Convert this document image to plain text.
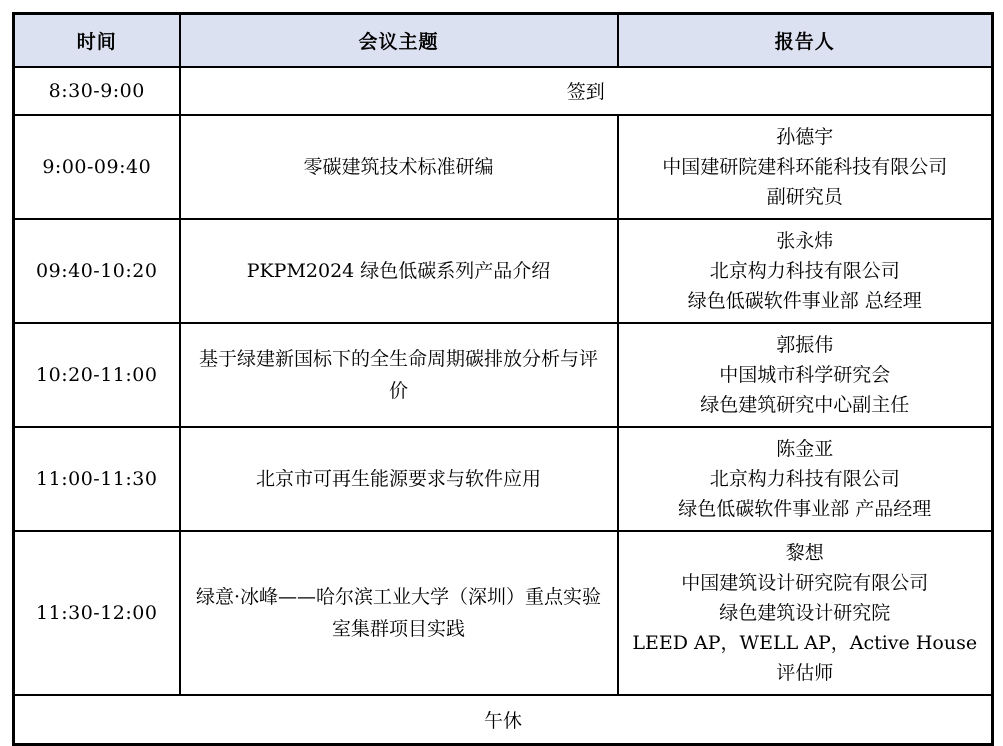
时间	会议主题	报告人
8:30-9:00	签到	
9:00-09:40	零碳建筑技术标准研编	孙德宇
中国建研院建科环能科技有限公司
副研究员

09:40-10:20	PKPM2024 绿色低碳系列产品介绍	张永炜
北京构力科技有限公司
绿色低碳软件事业部 总经理

10:20-11:00	基于绿建新国标下的全生命周期碳排放分析与评价	郭振伟
中国城市科学研究会
绿色建筑研究中心副主任

11:00-11:30	北京市可再生能源要求与软件应用	陈金亚
北京构力科技有限公司
绿色低碳软件事业部 产品经理

11:30-12:00	绿意·冰峰——哈尔滨工业大学（深圳）重点实验室集群项目实践	黎想
中国建筑设计研究院有限公司
绿色建筑设计研究院
LEED AP，WELL AP，Active House
评估师

午休		
